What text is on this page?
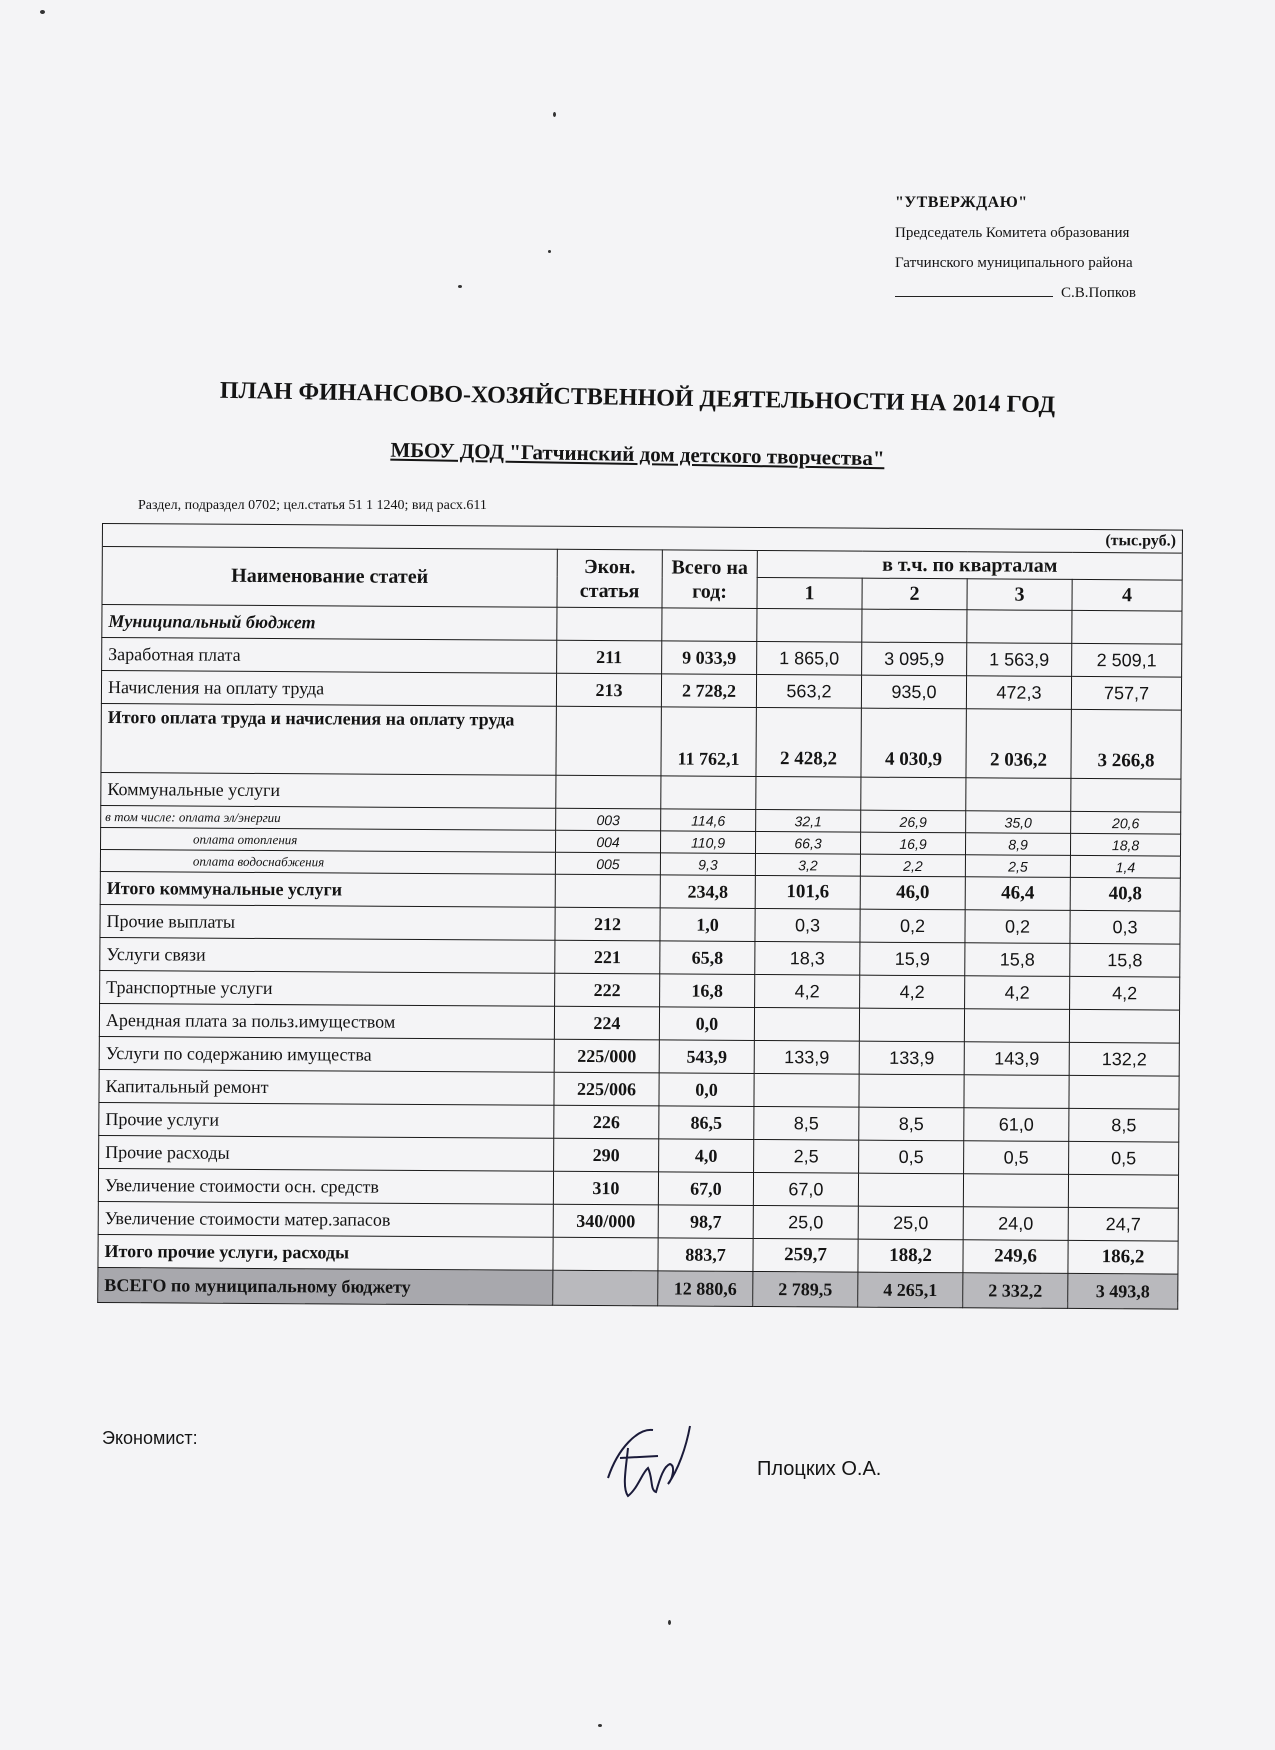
"УТВЕРЖДАЮ"
Председатель Комитета образования
Гатчинского муниципального района
С.В.Попков
ПЛАН ФИНАНСОВО-ХОЗЯЙСТВЕННОЙ ДЕЯТЕЛЬНОСТИ НА 2014 ГОД
МБОУ ДОД "Гатчинский дом детского творчества"
Раздел, подраздел 0702; цел.статья 51 1 1240; вид расх.611
(тыс.руб.)						
Наименование статей	Экон. статья	Всего на год:	в т.ч. по кварталам			
			1	2	3	4
Муниципальный бюджет						
Заработная плата	211	9 033,9	1 865,0	3 095,9	1 563,9	2 509,1
Начисления на оплату труда	213	2 728,2	563,2	935,0	472,3	757,7
Итого оплата труда и начисления на оплату труда		11 762,1	2 428,2	4 030,9	2 036,2	3 266,8
Коммунальные услуги						
в том числе: оплата эл/энергии	003	114,6	32,1	26,9	35,0	20,6
оплата отопления	004	110,9	66,3	16,9	8,9	18,8
оплата водоснабжения	005	9,3	3,2	2,2	2,5	1,4
Итого коммунальные услуги		234,8	101,6	46,0	46,4	40,8
Прочие выплаты	212	1,0	0,3	0,2	0,2	0,3
Услуги связи	221	65,8	18,3	15,9	15,8	15,8
Транспортные услуги	222	16,8	4,2	4,2	4,2	4,2
Арендная плата за польз.имуществом	224	0,0				
Услуги по содержанию имущества	225/000	543,9	133,9	133,9	143,9	132,2
Капитальный ремонт	225/006	0,0				
Прочие услуги	226	86,5	8,5	8,5	61,0	8,5
Прочие расходы	290	4,0	2,5	0,5	0,5	0,5
Увеличение стоимости осн. средств	310	67,0	67,0			
Увеличение стоимости матер.запасов	340/000	98,7	25,0	25,0	24,0	24,7
Итого прочие услуги, расходы		883,7	259,7	188,2	249,6	186,2
ВСЕГО по муниципальному бюджету		12 880,6	2 789,5	4 265,1	2 332,2	3 493,8
Экономист:
Плоцких О.А.
